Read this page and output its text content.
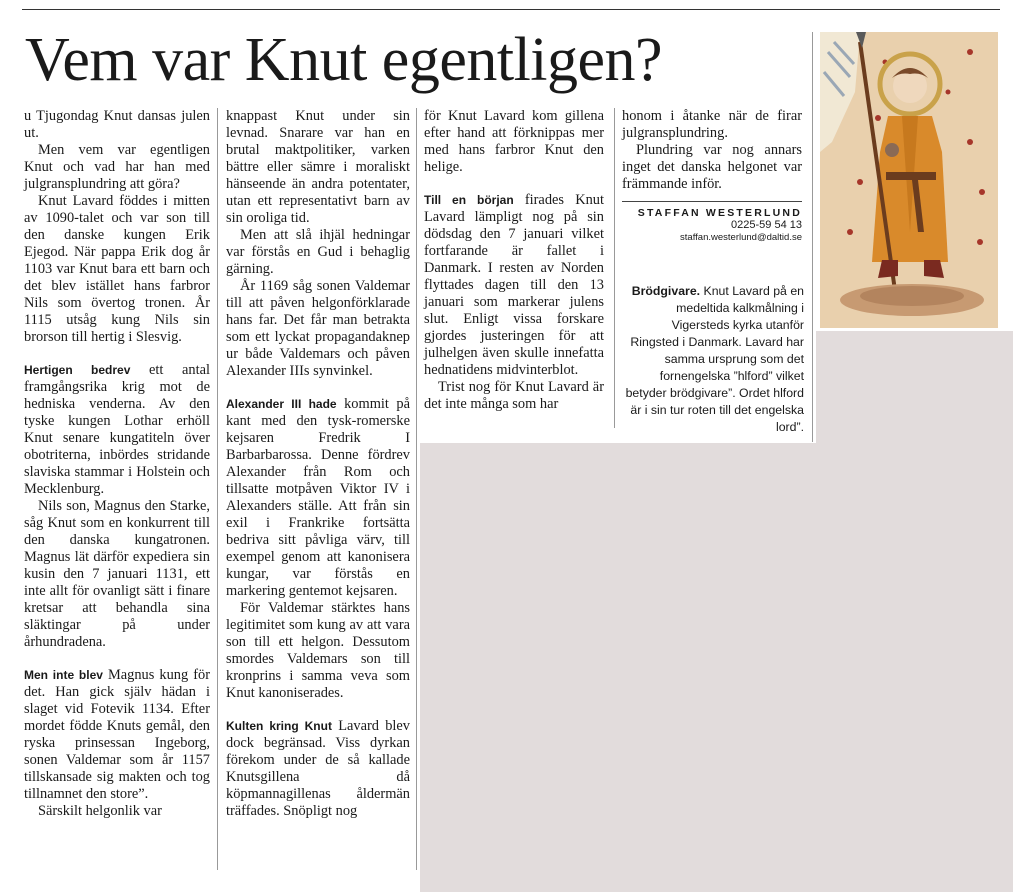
Vem var Knut egentligen?

u Tjugondag Knut dansas julen ut.

Men vem var egentligen Knut och vad har han med julgransplundring att göra?

Knut Lavard föddes i mitten av 1090-talet och var son till den danske kungen Erik Ejegod. När pappa Erik dog år 1103 var Knut bara ett barn och det blev istället hans farbror Nils som övertog tronen. År 1115 utsåg kung Nils sin brorson till hertig i Slesvig.

Hertigen bedrev ett antal framgångsrika krig mot de hedniska venderna. Av den tyske kungen Lothar erhöll Knut senare kungatiteln över obotriterna, inbördes stridande slaviska stammar i Holstein och Mecklenburg.

Nils son, Magnus den Starke, såg Knut som en konkurrent till den danska kungatronen. Magnus lät därför expediera sin kusin den 7 januari 1131, ett inte allt för ovanligt sätt i finare kretsar att behandla sina släktingar på under århundradena.

Men inte blev Magnus kung för det. Han gick själv hädan i slaget vid Fotevik 1134. Efter mordet födde Knuts gemål, den ryska prinsessan Ingeborg, sonen Valdemar som år 1157 tillskansade sig makten och tog tillnamnet den store”.

Särskilt helgonlik var

knappast Knut under sin levnad. Snarare var han en brutal maktpolitiker, varken bättre eller sämre i moraliskt hänseende än andra potentater, utan ett representativt barn av sin oroliga tid.

Men att slå ihjäl hedningar var förstås en Gud i behaglig gärning.

År 1169 såg sonen Valdemar till att påven helgonförklarade hans far. Det får man betrakta som ett lyckat propagandaknep ur både Valdemars och påven Alexander IIIs synvinkel.

Alexander III hade kommit på kant med den tysk-romerske kejsaren Fredrik I Barbarbarossa. Denne fördrev Alexander från Rom och tillsatte motpåven Viktor IV i Alexanders ställe. Att från sin exil i Frankrike fortsätta bedriva sitt påvliga värv, till exempel genom att kanonisera kungar, var förstås en markering gentemot kejsaren.

För Valdemar stärktes hans legitimitet som kung av att vara son till ett helgon. Dessutom smordes Valdemars son till kronprins i samma veva som Knut kanoniserades.

Kulten kring Knut Lavard blev dock begränsad. Viss dyrkan förekom under de så kallade Knutsgillena då köpmannagillenas åldermän träffades. Snöpligt nog

för Knut Lavard kom gillena efter hand att förknippas mer med hans farbror Knut den helige.

Till en början firades Knut Lavard lämpligt nog på sin dödsdag den 7 januari vilket fortfarande är fallet i Danmark. I resten av Norden flyttades dagen till den 13 januari som markerar julens slut. Enligt vissa forskare gjordes justeringen för att julhelgen även skulle innefatta hednatidens midvinterblot.

Trist nog för Knut Lavard är det inte många som har

honom i åtanke när de firar julgransplundring.

Plundring var nog annars inget det danska helgonet var främmande inför.

STAFFAN WESTERLUND
0225-59 54 13
staffan.westerlund@daltid.se
Brödgivare. Knut Lavard på en medeltida kalkmålning i Vigersteds kyrka utanför Ringsted i Danmark. Lavard har samma ursprung som det fornengelska ”hlford” vilket betyder brödgivare”. Ordet hlford är i sin tur roten till det engelska lord”.
